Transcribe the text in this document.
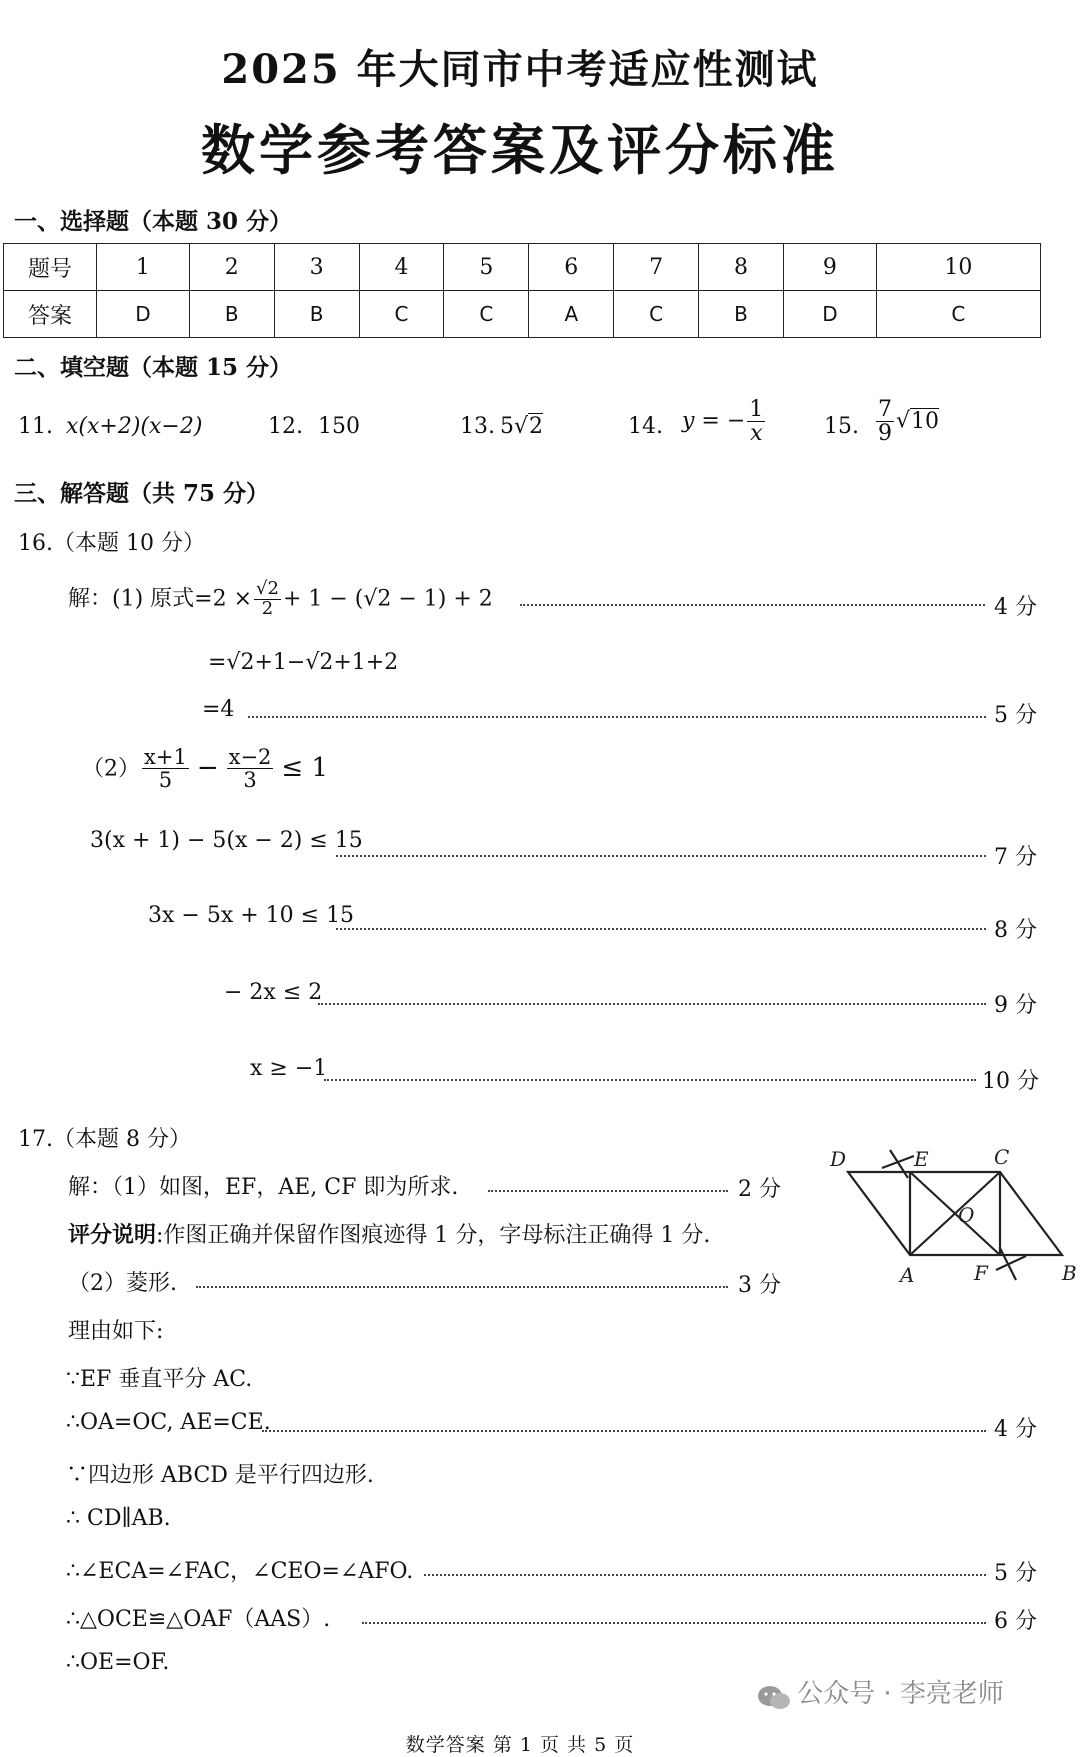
2025 年大同市中考适应性测试
数学参考答案及评分标准
一、选择题（本题 30 分）
题号	1	2	3	4	5	6	7	8	9	10
答案	D	B	B	C	C	A	C	B	D	C
二、填空题（本题 15 分）
11. x(x+2)(x−2)	12. 150	13. 5√2	14. y = − $\frac{1}{x}$	15. $\frac{7}{9} √10$
三、解答题（共 75 分）
16.（本题 10 分）
解：(1) 原式$=2 \times \frac{√2}{2} + 1 - (√2 - 1) + 2$	4 分
=√2+1−√2+1+2
=4	5 分
$(2) \frac{x+1}{5} - \frac{x-2}{3} \le 1$
3(x + 1) − 5(x − 2) ≤ 15
7 分
3x − 5x + 10 ≤ 15
8 分
− 2x ≤ 2
9 分
x ≥ −1
10 分
17.（本题 8 分）
解：（1）如图，EF，AE, CF 即为所求.	2 分
评分说明:作图正确并保留作图痕迹得 1 分，字母标注正确得 1 分.
（2）菱形.	3 分
理由如下:
∵EF 垂直平分 AC.
∴OA=OC, AE=CE.	4 分
∵四边形 ABCD 是平行四边形.
∴ CD∥AB.
∴∠ECA=∠FAC，∠CEO=∠AFO.	5 分
∴△OCE≌△OAF（AAS）.	6 分
∴OE=OF.
D	E	C
O
A	F	B
公众号 · 李亮老师
数学答案 第 1 页 共 5 页
